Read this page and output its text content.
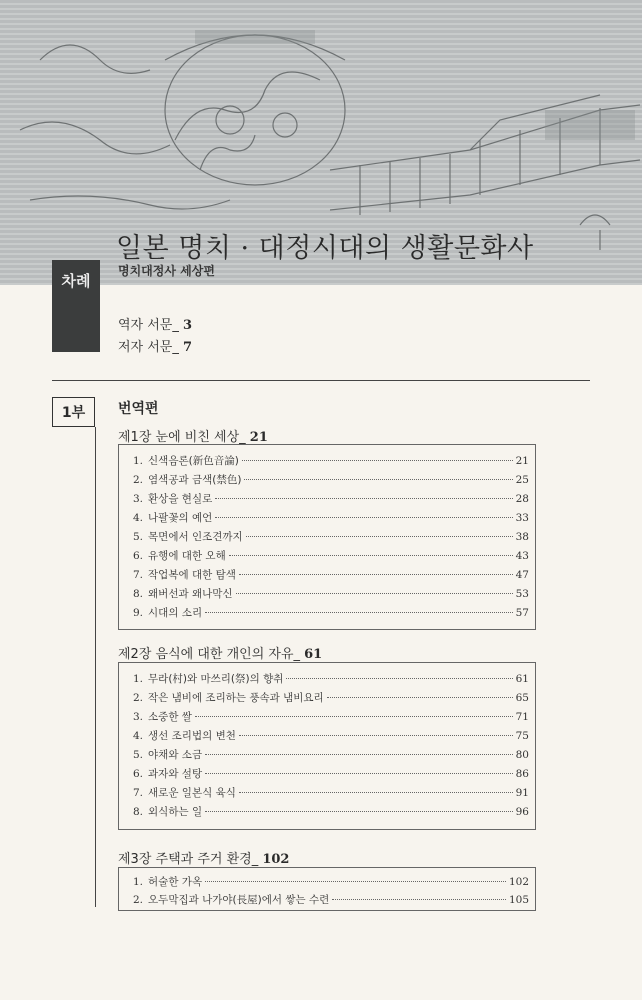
일본 명치 · 대정시대의 생활문화사
명치대정사 세상편
차례
역자 서문_ 3
저자 서문_ 7
1부 번역편
제1장 눈에 비친 세상_ 21
1. 신색음론(新色音論)	21
2. 염색공과 금색(禁色)	25
3. 환상을 현실로	28
4. 나팔꽃의 예언	33
5. 목면에서 인조견까지	38
6. 유행에 대한 오해	43
7. 작업복에 대한 탐색	47
8. 왜버선과 왜나막신	53
9. 시대의 소리	57
제2장 음식에 대한 개인의 자유_ 61
1. 무라(村)와 마쓰리(祭)의 향취	61
2. 작은 냄비에 조리하는 풍속과 냄비요리	65
3. 소중한 쌀	71
4. 생선 조리법의 변천	75
5. 야채와 소금	80
6. 과자와 설탕	86
7. 새로운 일본식 육식	91
8. 외식하는 일	96
제3장 주택과 주거 환경_ 102
1. 허술한 가옥	102
2. 오두막집과 나가야(長屋)에서 쌓는 수련	105
